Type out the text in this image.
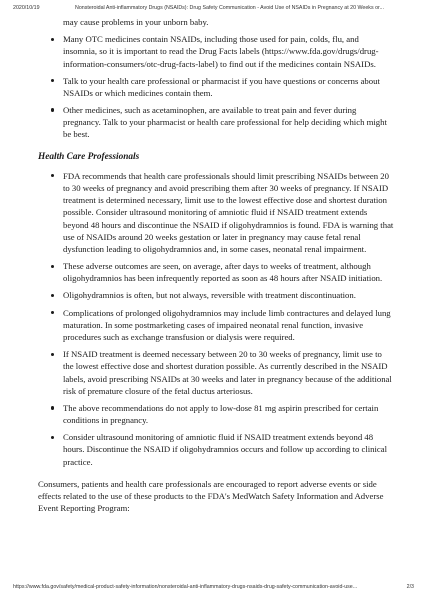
2020/10/19	Nonsteroidal Anti-inflammatory Drugs (NSAIDs): Drug Safety Communication - Avoid Use of NSAIDs in Pregnancy at 20 Weeks or...
may cause problems in your unborn baby.
Many OTC medicines contain NSAIDs, including those used for pain, colds, flu, and insomnia, so it is important to read the Drug Facts labels (https://www.fda.gov/drugs/drug-information-consumers/otc-drug-facts-label) to find out if the medicines contain NSAIDs.
Talk to your health care professional or pharmacist if you have questions or concerns about NSAIDs or which medicines contain them.
Other medicines, such as acetaminophen, are available to treat pain and fever during pregnancy. Talk to your pharmacist or health care professional for help deciding which might be best.
Health Care Professionals
FDA recommends that health care professionals should limit prescribing NSAIDs between 20 to 30 weeks of pregnancy and avoid prescribing them after 30 weeks of pregnancy. If NSAID treatment is determined necessary, limit use to the lowest effective dose and shortest duration possible. Consider ultrasound monitoring of amniotic fluid if NSAID treatment extends beyond 48 hours and discontinue the NSAID if oligohydramnios is found. FDA is warning that use of NSAIDs around 20 weeks gestation or later in pregnancy may cause fetal renal dysfunction leading to oligohydramnios and, in some cases, neonatal renal impairment.
These adverse outcomes are seen, on average, after days to weeks of treatment, although oligohydramnios has been infrequently reported as soon as 48 hours after NSAID initiation.
Oligohydramnios is often, but not always, reversible with treatment discontinuation.
Complications of prolonged oligohydramnios may include limb contractures and delayed lung maturation. In some postmarketing cases of impaired neonatal renal function, invasive procedures such as exchange transfusion or dialysis were required.
If NSAID treatment is deemed necessary between 20 to 30 weeks of pregnancy, limit use to the lowest effective dose and shortest duration possible. As currently described in the NSAID labels, avoid prescribing NSAIDs at 30 weeks and later in pregnancy because of the additional risk of premature closure of the fetal ductus arteriosus.
The above recommendations do not apply to low-dose 81 mg aspirin prescribed for certain conditions in pregnancy.
Consider ultrasound monitoring of amniotic fluid if NSAID treatment extends beyond 48 hours. Discontinue the NSAID if oligohydramnios occurs and follow up according to clinical practice.

Consumers, patients and health care professionals are encouraged to report adverse events or side effects related to the use of these products to the FDA's MedWatch Safety Information and Adverse Event Reporting Program:

https://www.fda.gov/safety/medical-product-safety-information/nonsteroidal-anti-inflammatory-drugs-nsaids-drug-safety-communication-avoid-use...	2/3
